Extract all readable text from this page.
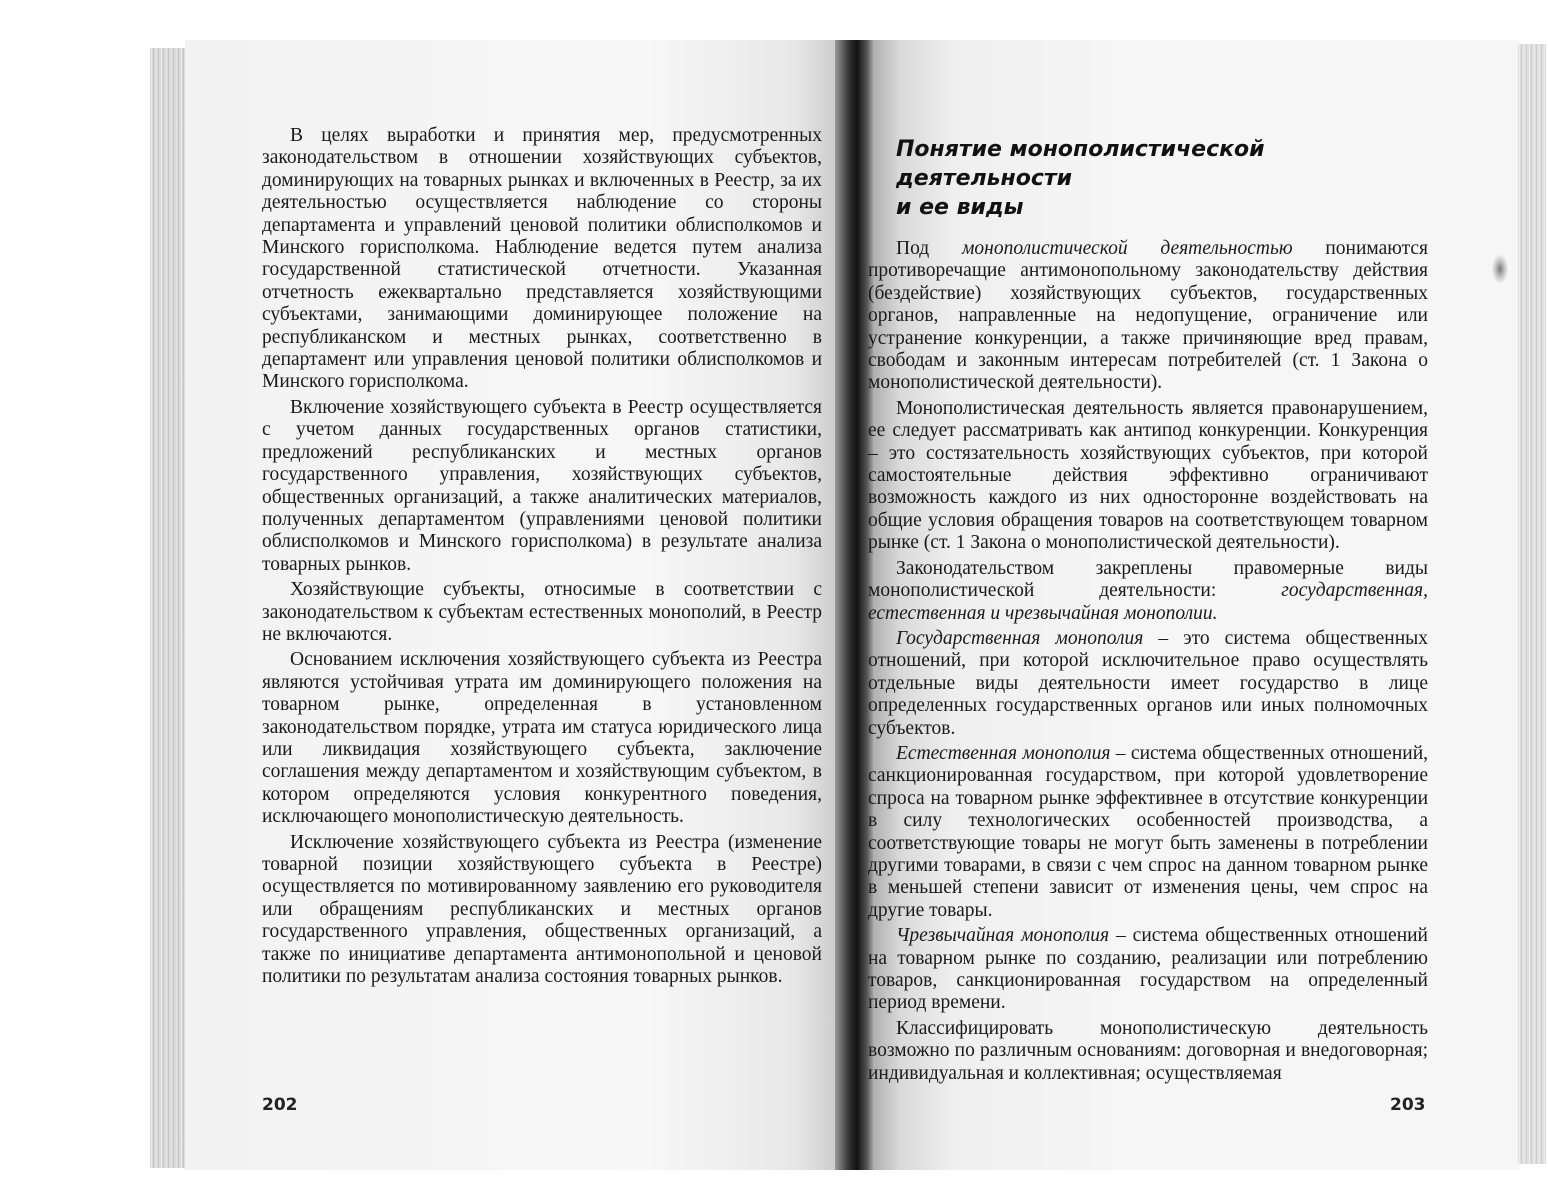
В целях выработки и принятия мер, предусмотренных законодательством в отношении хозяйствующих субъектов, доминирующих на товарных рынках и включенных в Реестр, за их деятельностью осуществляется наблюдение со стороны департамента и управлений ценовой политики облисполкомов и Минского горисполкома. Наблюдение ведется путем анализа государственной статистической отчетности. Указанная отчетность ежеквартально представляется хозяйствующими субъектами, занимающими доминирующее положение на республиканском и местных рынках, соответственно в департамент или управления ценовой политики облисполкомов и Минского горисполкома.

Включение хозяйствующего субъекта в Реестр осуществляется с учетом данных государственных органов статистики, предложений республиканских и местных органов государственного управления, хозяйствующих субъектов, общественных организаций, а также аналитических материалов, полученных департаментом (управлениями ценовой политики облисполкомов и Минского горисполкома) в результате анализа товарных рынков.

Хозяйствующие субъекты, относимые в соответствии с законодательством к субъектам естественных монополий, в Реестр не включаются.

Основанием исключения хозяйствующего субъекта из Реестра являются устойчивая утрата им доминирующего положения на товарном рынке, определенная в установленном законодательством порядке, утрата им статуса юридического лица или ликвидация хозяйствующего субъекта, заключение соглашения между департаментом и хозяйствующим субъектом, в котором определяются условия конкурентного поведения, исключающего монополистическую деятельность.

Исключение хозяйствующего субъекта из Реестра (изменение товарной позиции хозяйствующего субъекта в Реестре) осуществляется по мотивированному заявлению его руководителя или обращениям республиканских и местных органов государственного управления, общественных организаций, а также по инициативе департамента антимонопольной и ценовой политики по результатам анализа состояния товарных рынков.

202
Понятие монополистической деятельности
и ее виды

Под монополистической деятельностью понимаются противоречащие антимонопольному законодательству действия (бездействие) хозяйствующих субъектов, государственных органов, направленные на недопущение, ограничение или устранение конкуренции, а также причиняющие вред правам, свободам и законным интересам потребителей (ст. 1 Закона о монополистической деятельности).

Монополистическая деятельность является правонарушением, ее следует рассматривать как антипод конкуренции. Конкуренция – это состязательность хозяйствующих субъектов, при которой самостоятельные действия эффективно ограничивают возможность каждого из них односторонне воздействовать на общие условия обращения товаров на соответствующем товарном рынке (ст. 1 Закона о монополистической деятельности).

Законодательством закреплены правомерные виды монополистической деятельности: государственная, естественная и чрезвычайная монополии.

Государственная монополия – это система общественных отношений, при которой исключительное право осуществлять отдельные виды деятельности имеет государство в лице определенных государственных органов или иных полномочных субъектов.

Естественная монополия – система общественных отношений, санкционированная государством, при которой удовлетворение спроса на товарном рынке эффективнее в отсутствие конкуренции в силу технологических особенностей производства, а соответствующие товары не могут быть заменены в потреблении другими товарами, в связи с чем спрос на данном товарном рынке в меньшей степени зависит от изменения цены, чем спрос на другие товары.

Чрезвычайная монополия – система общественных отношений на товарном рынке по созданию, реализации или потреблению товаров, санкционированная государством на определенный период времени.

Классифицировать монополистическую деятельность возможно по различным основаниям: договорная и внедоговорная; индивидуальная и коллективная; осуществляемая

203
